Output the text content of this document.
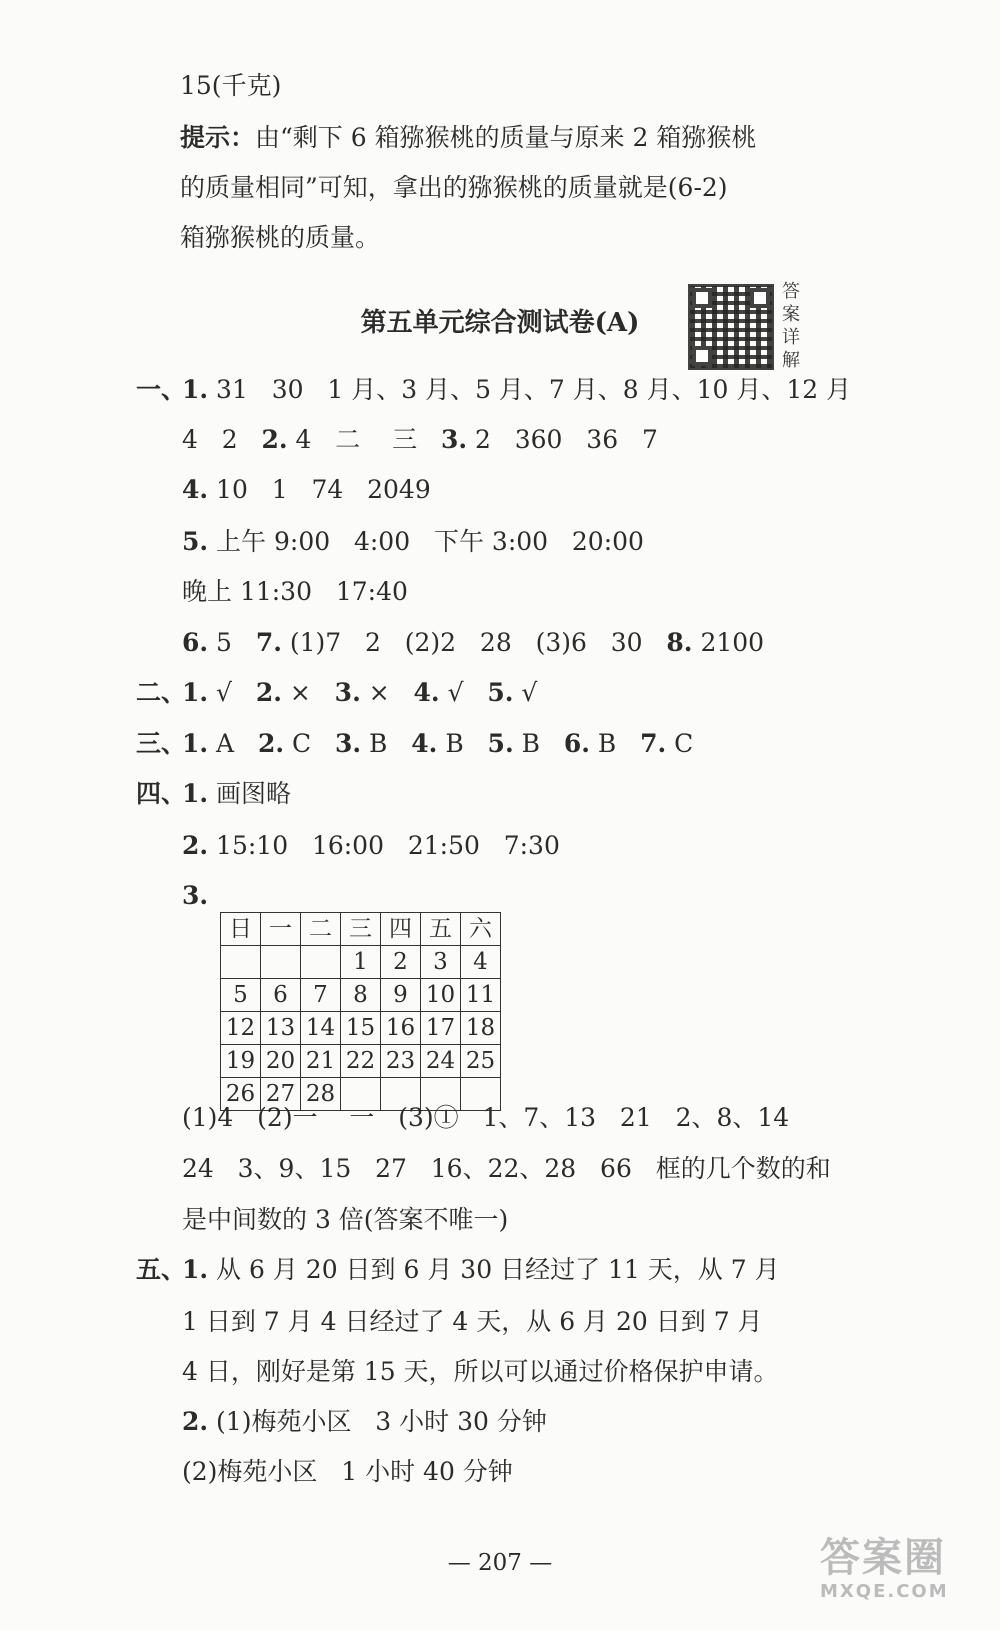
15(千克)
提示：由“剩下 6 箱猕猴桃的质量与原来 2 箱猕猴桃
的质量相同”可知，拿出的猕猴桃的质量就是(6-2)
箱猕猴桃的质量。
第五单元综合测试卷(A)
答
案
详
解
一、
1. 31   30   1 月、3 月、5 月、7 月、8 月、10 月、12 月
4   2   2. 4   二    三   3. 2   360   36   7
4. 10   1   74   2049
5. 上午 9:00   4:00   下午 3:00   20:00
晚上 11:30   17:40
6. 5   7. (1)7   2   (2)2   28   (3)6   30   8. 2100
二、
1. √   2. ×   3. ×   4. √   5. √
三、
1. A   2. C   3. B   4. B   5. B   6. B   7. C
四、
1. 画图略
2. 15:10   16:00   21:50   7:30
3.
日	一	二	三	四	五	六
			1	2	3	4
5	6	7	8	9	10	11
12	13	14	15	16	17	18
19	20	21	22	23	24	25
26	27	28				
(1)4   (2)一    一   (3)①   1、7、13   21   2、8、14
24   3、9、15   27   16、22、28   66   框的几个数的和
是中间数的 3 倍(答案不唯一)
五、
1. 从 6 月 20 日到 6 月 30 日经过了 11 天，从 7 月
1 日到 7 月 4 日经过了 4 天，从 6 月 20 日到 7 月
4 日，刚好是第 15 天，所以可以通过价格保护申请。
2. (1)梅苑小区   3 小时 30 分钟
(2)梅苑小区   1 小时 40 分钟
— 207 —	答案圈
MXQE.COM
